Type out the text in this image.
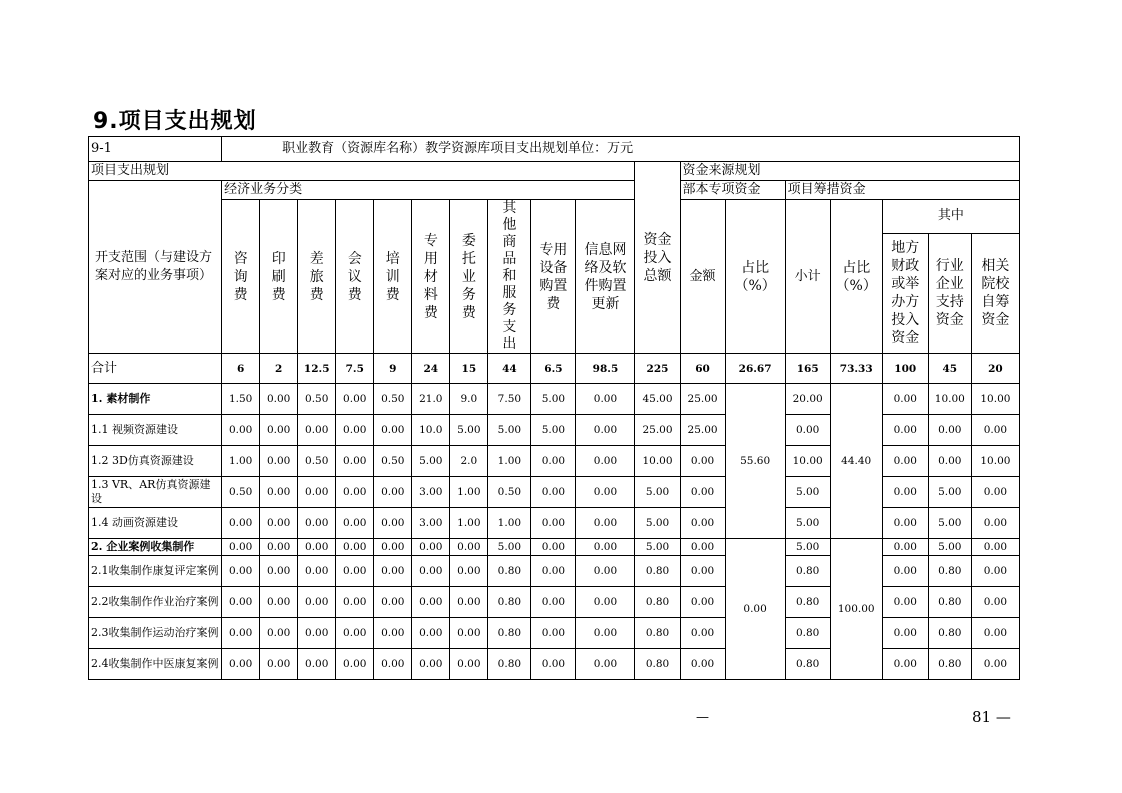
9.项目支出规划
9-1	职业教育（资源库名称）教学资源库项目支出规划单位：万元																	
项目支出规划											资金投入总额	资金来源规划						
开支范围（与建设方案对应的业务事项）	经济业务分类											部本专项资金		项目筹措资金				
	咨询费	印刷费	差旅费	会议费	培训费	专用材料费	委托业务费	其他商品和服务支出	专用设备购置费	信息网络及软件购置更新		金额	占比（%）	小计	占比（%）	其中		
																地方财政或举办方投入资金	行业企业支持资金	相关院校自筹资金
合计	6	2	12.5	7.5	9	24	15	44	6.5	98.5	225	60	26.67	165	73.33	100	45	20
1. 素材制作	1.50	0.00	0.50	0.00	0.50	21.0	9.0	7.50	5.00	0.00	45.00	25.00	55.60	20.00	44.40	0.00	10.00	10.00
1.1 视频资源建设	0.00	0.00	0.00	0.00	0.00	10.0	5.00	5.00	5.00	0.00	25.00	25.00		0.00		0.00	0.00	0.00
1.2 3D仿真资源建设	1.00	0.00	0.50	0.00	0.50	5.00	2.0	1.00	0.00	0.00	10.00	0.00		10.00		0.00	0.00	10.00
1.3 VR、AR仿真资源建设	0.50	0.00	0.00	0.00	0.00	3.00	1.00	0.50	0.00	0.00	5.00	0.00		5.00		0.00	5.00	0.00
1.4 动画资源建设	0.00	0.00	0.00	0.00	0.00	3.00	1.00	1.00	0.00	0.00	5.00	0.00		5.00		0.00	5.00	0.00
2. 企业案例收集制作	0.00	0.00	0.00	0.00	0.00	0.00	0.00	5.00	0.00	0.00	5.00	0.00	0.00	5.00	100.00	0.00	5.00	0.00
2.1收集制作康复评定案例	0.00	0.00	0.00	0.00	0.00	0.00	0.00	0.80	0.00	0.00	0.80	0.00		0.80		0.00	0.80	0.00
2.2收集制作作业治疗案例	0.00	0.00	0.00	0.00	0.00	0.00	0.00	0.80	0.00	0.00	0.80	0.00		0.80		0.00	0.80	0.00
2.3收集制作运动治疗案例	0.00	0.00	0.00	0.00	0.00	0.00	0.00	0.80	0.00	0.00	0.80	0.00		0.80		0.00	0.80	0.00
2.4收集制作中医康复案例	0.00	0.00	0.00	0.00	0.00	0.00	0.00	0.80	0.00	0.00	0.80	0.00		0.80		0.00	0.80	0.00
—	81 —
